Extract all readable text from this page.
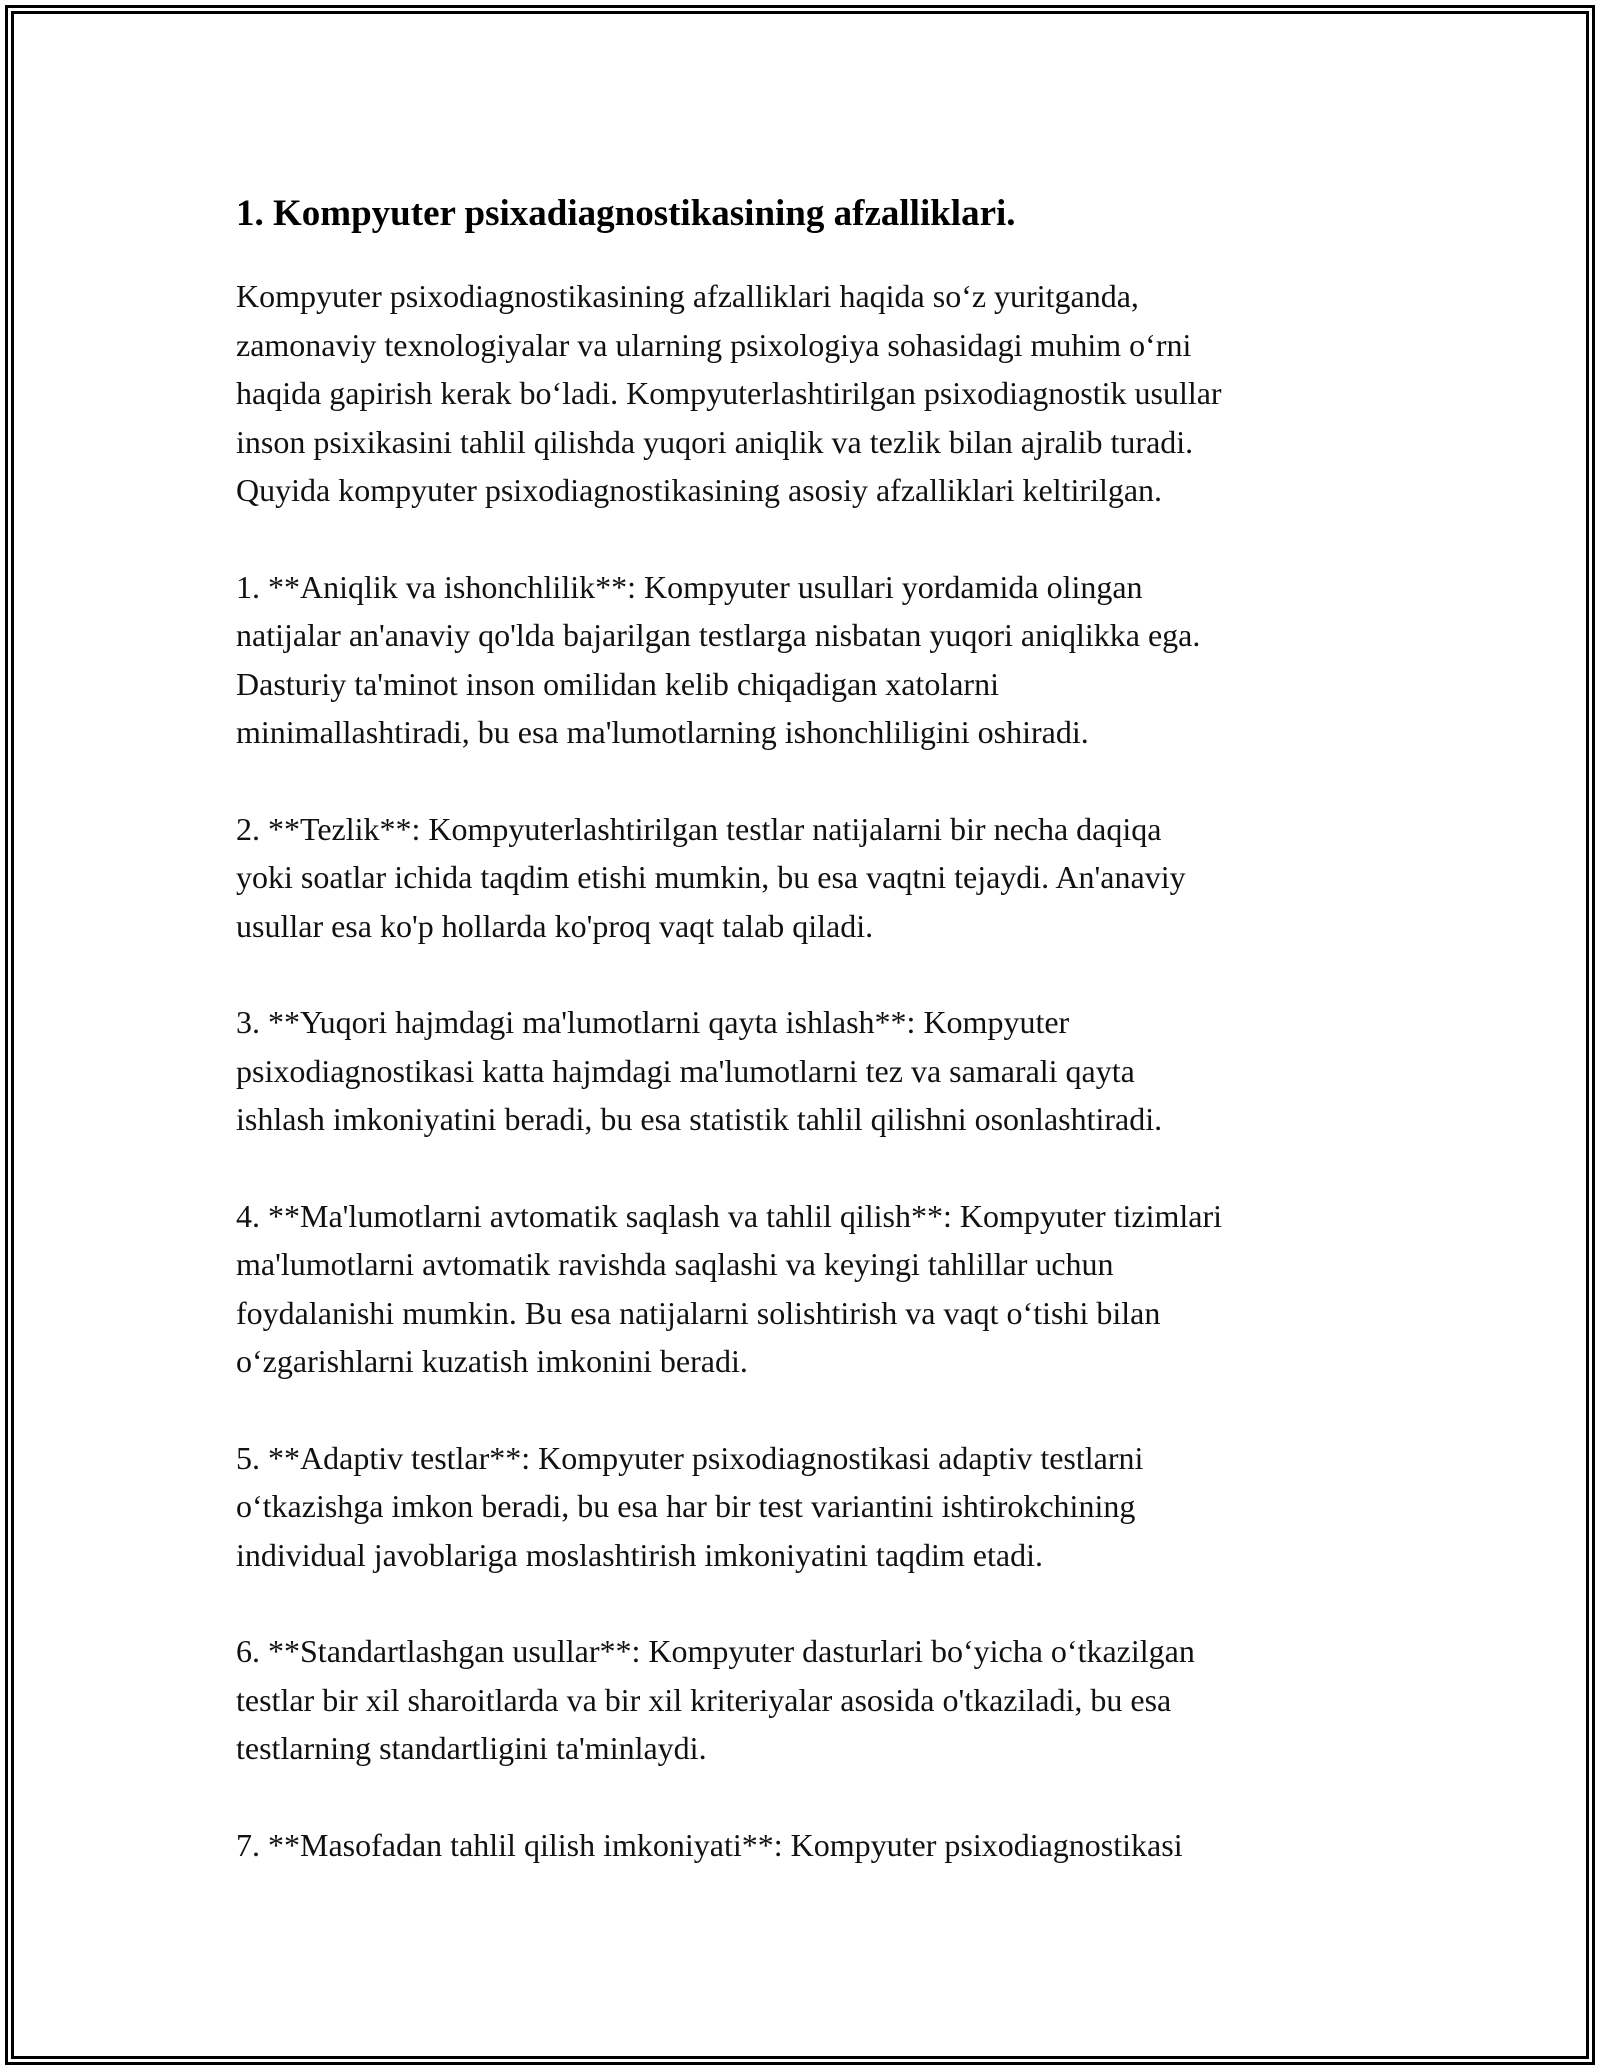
1. Kompyuter psixadiagnostikasining afzalliklari.

Kompyuter psixodiagnostikasining afzalliklari haqida so‘z yuritganda,
zamonaviy texnologiyalar va ularning psixologiya sohasidagi muhim o‘rni
haqida gapirish kerak bo‘ladi. Kompyuterlashtirilgan psixodiagnostik usullar
inson psixikasini tahlil qilishda yuqori aniqlik va tezlik bilan ajralib turadi.
Quyida kompyuter psixodiagnostikasining asosiy afzalliklari keltirilgan.

1. **Aniqlik va ishonchlilik**: Kompyuter usullari yordamida olingan
natijalar an'anaviy qo'lda bajarilgan testlarga nisbatan yuqori aniqlikka ega.
Dasturiy ta'minot inson omilidan kelib chiqadigan xatolarni
minimallashtiradi, bu esa ma'lumotlarning ishonchliligini oshiradi.

2. **Tezlik**: Kompyuterlashtirilgan testlar natijalarni bir necha daqiqa
yoki soatlar ichida taqdim etishi mumkin, bu esa vaqtni tejaydi. An'anaviy
usullar esa ko'p hollarda ko'proq vaqt talab qiladi.

3. **Yuqori hajmdagi ma'lumotlarni qayta ishlash**: Kompyuter
psixodiagnostikasi katta hajmdagi ma'lumotlarni tez va samarali qayta
ishlash imkoniyatini beradi, bu esa statistik tahlil qilishni osonlashtiradi.

4. **Ma'lumotlarni avtomatik saqlash va tahlil qilish**: Kompyuter tizimlari
ma'lumotlarni avtomatik ravishda saqlashi va keyingi tahlillar uchun
foydalanishi mumkin. Bu esa natijalarni solishtirish va vaqt o‘tishi bilan
o‘zgarishlarni kuzatish imkonini beradi.

5. **Adaptiv testlar**: Kompyuter psixodiagnostikasi adaptiv testlarni
o‘tkazishga imkon beradi, bu esa har bir test variantini ishtirokchining
individual javoblariga moslashtirish imkoniyatini taqdim etadi.

6. **Standartlashgan usullar**: Kompyuter dasturlari bo‘yicha o‘tkazilgan
testlar bir xil sharoitlarda va bir xil kriteriyalar asosida o'tkaziladi, bu esa
testlarning standartligini ta'minlaydi.

7. **Masofadan tahlil qilish imkoniyati**: Kompyuter psixodiagnostikasi
